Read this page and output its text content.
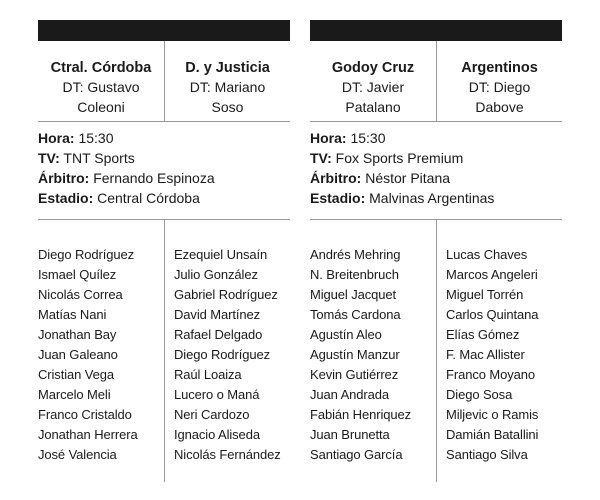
Ctral. Córdoba
DT: Gustavo
Coleoni
D. y Justicia
DT: Mariano
Soso
Hora: 15:30
TV: TNT Sports
Árbitro: Fernando Espinoza
Estadio: Central Córdoba
Diego Rodríguez
Ismael Quílez
Nicolás Correa
Matías Nani
Jonathan Bay
Juan Galeano
Cristian Vega
Marcelo Meli
Franco Cristaldo
Jonathan Herrera
José Valencia
Ezequiel Unsaín
Julio González
Gabriel Rodríguez
David Martínez
Rafael Delgado
Diego Rodríguez
Raúl Loaiza
Lucero o Maná
Neri Cardozo
Ignacio Aliseda
Nicolás Fernández
Godoy Cruz
DT: Javier
Patalano
Argentinos
DT: Diego
Dabove
Hora: 15:30
TV: Fox Sports Premium
Árbitro: Néstor Pitana
Estadio: Malvinas Argentinas
Andrés Mehring
N. Breitenbruch
Miguel Jacquet
Tomás Cardona
Agustín Aleo
Agustín Manzur
Kevin Gutiérrez
Juan Andrada
Fabián Henriquez
Juan Brunetta
Santiago García
Lucas Chaves
Marcos Angeleri
Miguel Torrén
Carlos Quintana
Elías Gómez
F. Mac Allister
Franco Moyano
Diego Sosa
Miljevic o Ramis
Damián Batallini
Santiago Silva
